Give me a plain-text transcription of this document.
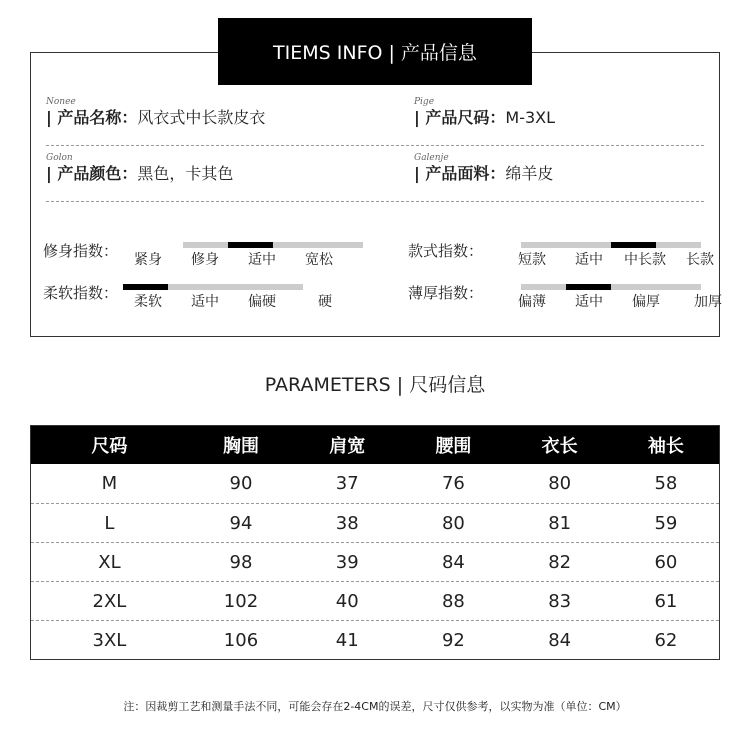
Nonee
| 产品名称：风衣式中长款皮衣
Pige
| 产品尺码：M-3XL
Golon
| 产品颜色：黑色，卡其色
Galenje
| 产品面料：绵羊皮
修身指数： 紧身 修身 适中 宽松	款式指数： 短款 适中 中长款 长款
柔软指数： 柔软 适中 偏硬	硬	薄厚指数： 偏薄 适中 偏厚 加厚
TIEMS INFO | 产品信息
PARAMETERS | 尺码信息
尺码	胸围	肩宽	腰围	衣长	袖长
M	90	37	76	80	58
L	94	38	80	81	59
XL	98	39	84	82	60
2XL	102	40	88	83	61
3XL	106	41	92	84	62
注：因裁剪工艺和测量手法不同，可能会存在2-4CM的误差，尺寸仅供参考，以实物为准（单位：CM）
